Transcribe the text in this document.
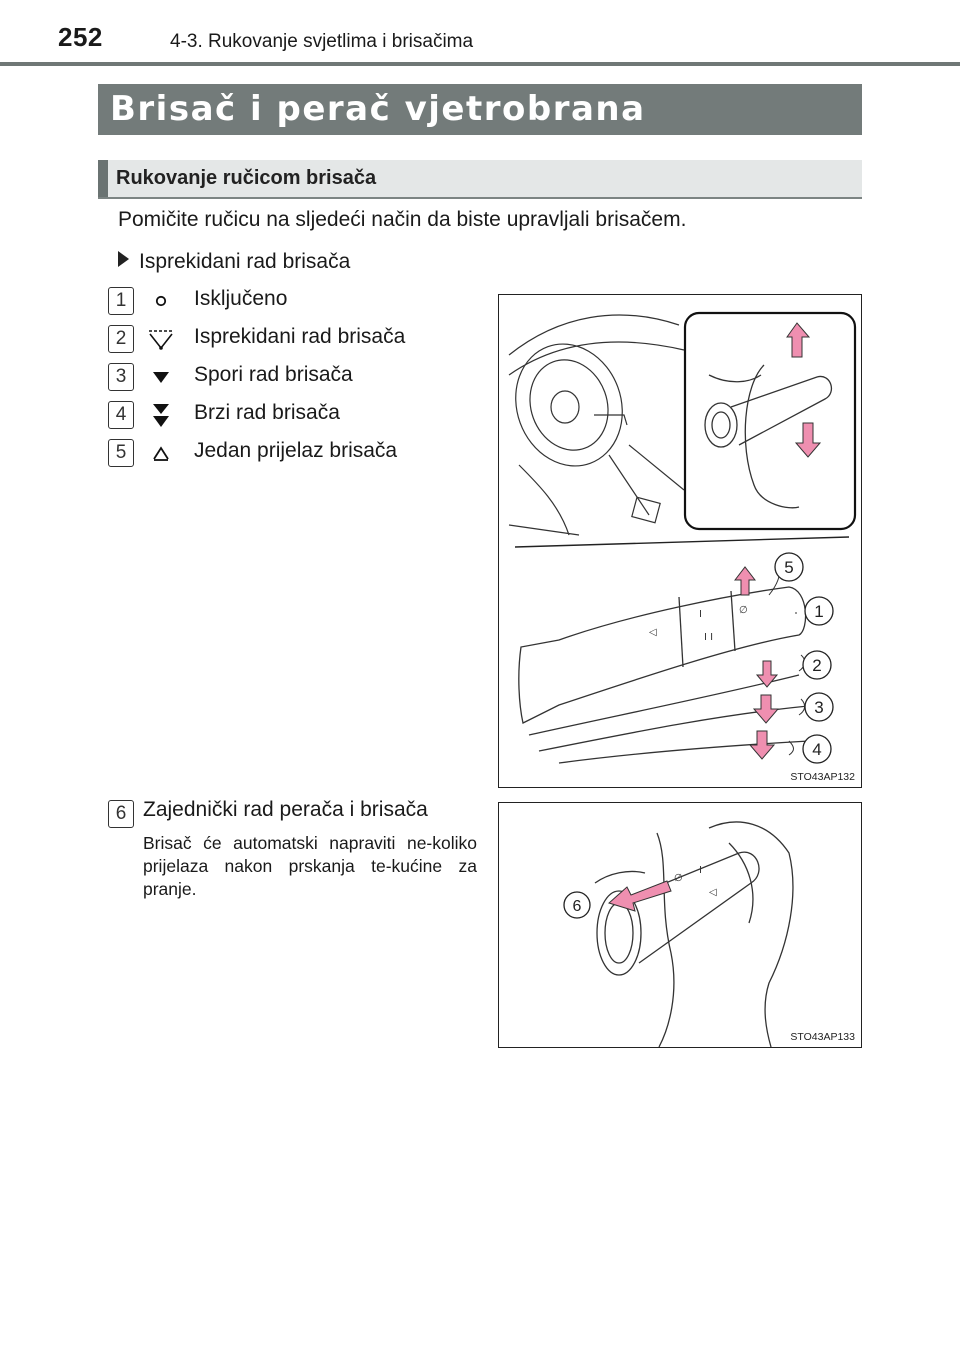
252	4-3. Rukovanje svjetlima i brisačima
Brisač i perač vjetrobrana
Rukovanje ručicom brisača
Pomičite ručicu na sljedeći način da biste upravljali brisačem.
Isprekidani rad brisača
1	Isključeno
2	Isprekidani rad brisača
3	Spori rad brisača
4	Brzi rad brisača
5	Jedan prijelaz brisača
◁
I
I I
∅
5
1
2
3
4
STO43AP132
6 Zajednički rad perača i brisača
Brisač će automatski napraviti ne-koliko prijelaza nakon prskanja te-kućine za pranje.
∅
I
◁
6
STO43AP133
